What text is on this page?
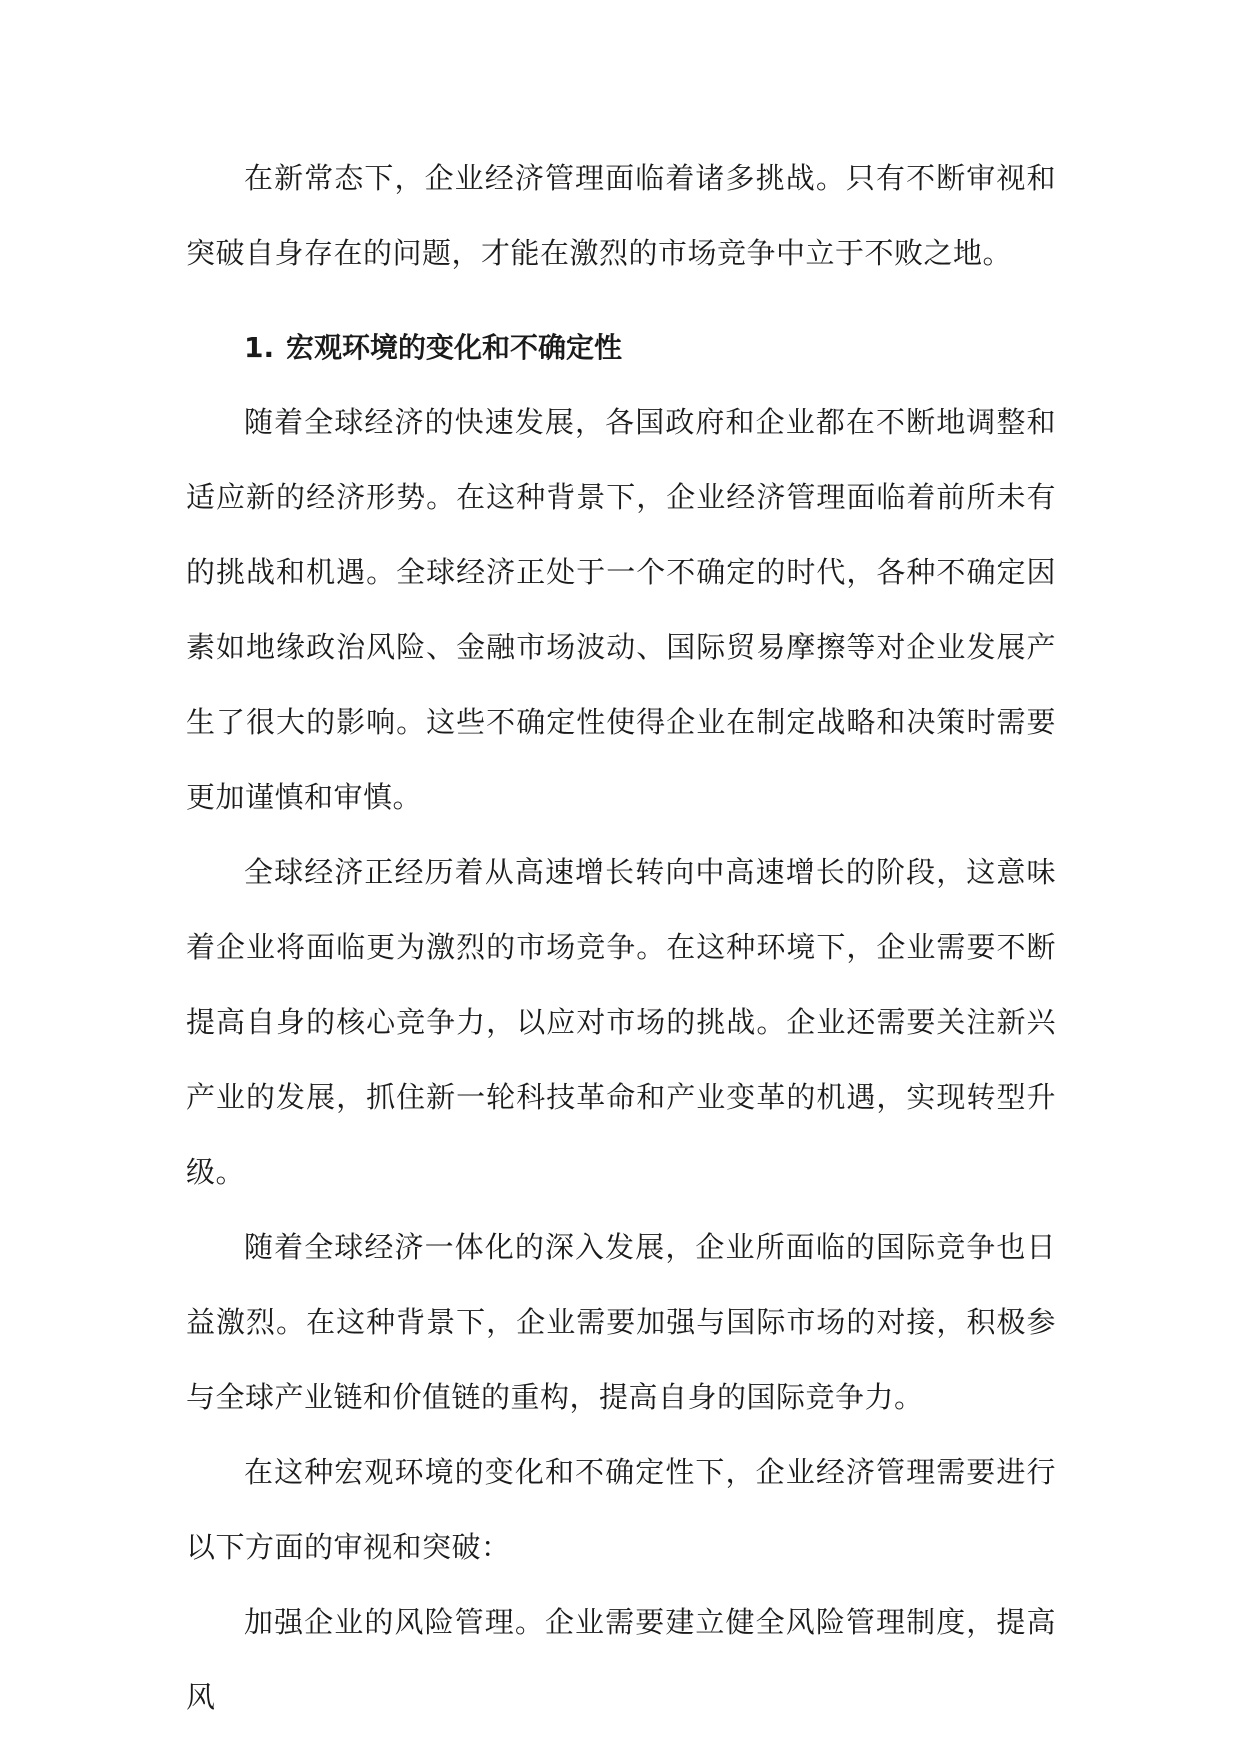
在新常态下，企业经济管理面临着诸多挑战。只有不断审视和突破自身存在的问题，才能在激烈的市场竞争中立于不败之地。

1. 宏观环境的变化和不确定性

随着全球经济的快速发展，各国政府和企业都在不断地调整和适应新的经济形势。在这种背景下，企业经济管理面临着前所未有的挑战和机遇。全球经济正处于一个不确定的时代，各种不确定因素如地缘政治风险、金融市场波动、国际贸易摩擦等对企业发展产生了很大的影响。这些不确定性使得企业在制定战略和决策时需要更加谨慎和审慎。

全球经济正经历着从高速增长转向中高速增长的阶段，这意味着企业将面临更为激烈的市场竞争。在这种环境下，企业需要不断提高自身的核心竞争力，以应对市场的挑战。企业还需要关注新兴产业的发展，抓住新一轮科技革命和产业变革的机遇，实现转型升级。

随着全球经济一体化的深入发展，企业所面临的国际竞争也日益激烈。在这种背景下，企业需要加强与国际市场的对接，积极参与全球产业链和价值链的重构，提高自身的国际竞争力。

在这种宏观环境的变化和不确定性下，企业经济管理需要进行以下方面的审视和突破：

加强企业的风险管理。企业需要建立健全风险管理制度，提高风
